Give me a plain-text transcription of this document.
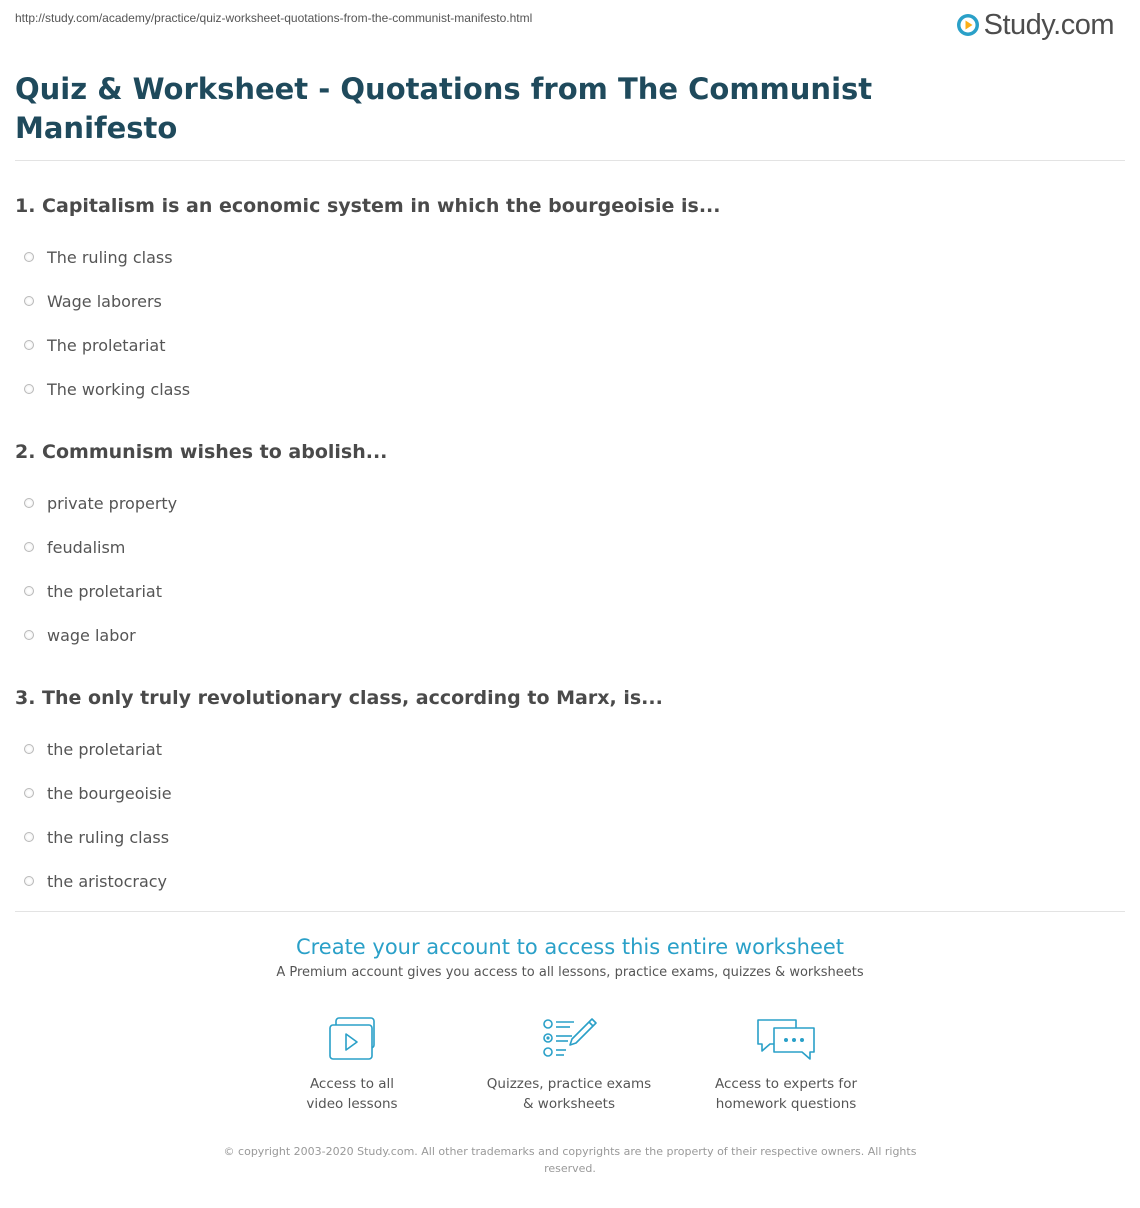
http://study.com/academy/practice/quiz-worksheet-quotations-from-the-communist-manifesto.html	Study.com
Quiz & Worksheet - Quotations from The Communist Manifesto

1. Capitalism is an economic system in which the bourgeoisie is...

The ruling class
Wage laborers
The proletariat
The working class

2. Communism wishes to abolish...

private property
feudalism
the proletariat
wage labor

3. The only truly revolutionary class, according to Marx, is...

the proletariat
the bourgeoisie
the ruling class
the aristocracy

Create your account to access this entire worksheet

A Premium account gives you access to all lessons, practice exams, quizzes & worksheets
Access to all
video lessons
Quizzes, practice exams
& worksheets
Access to experts for
homework questions
© copyright 2003-2020 Study.com. All other trademarks and copyrights are the property of their respective owners. All rights reserved.
